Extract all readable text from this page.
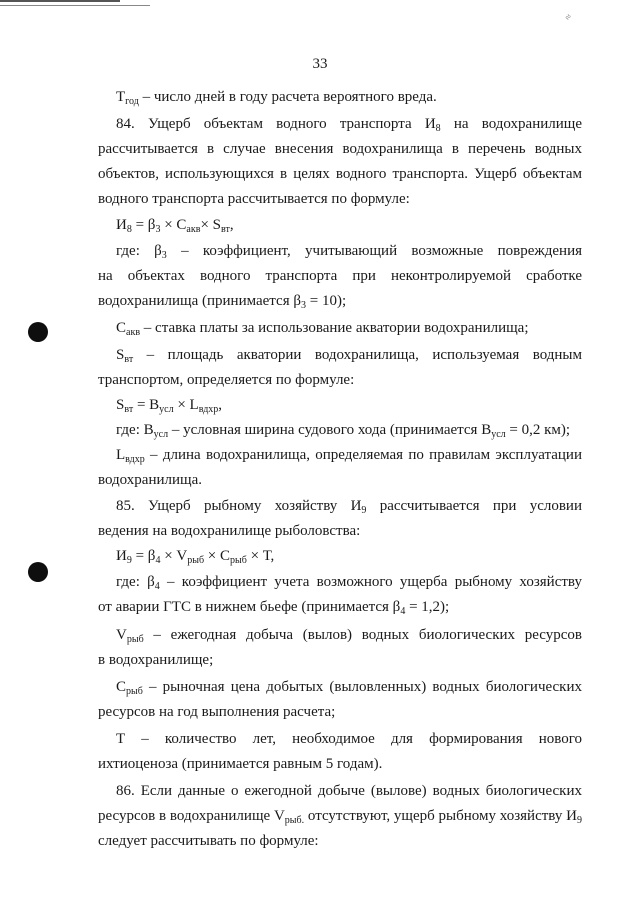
≈
33
$Т_{год}$ – число дней в году расчета вероятного вреда.
84. Ущерб объектам водного транспорта $И_8$ на водохранилище
рассчитывается в случае внесения водохранилища в перечень водных
объектов, использующихся в целях водного транспорта. Ущерб объектам
водного транспорта рассчитывается по формуле:
$И_8 = \beta_3 \times С_{акв}\times S_{вт}$,
где: $\beta_3$ – коэффициент, учитывающий возможные повреждения
на объектах водного транспорта при неконтролируемой сработке
водохранилища (принимается $\beta_3 = 10$);
$С_{акв}$ – ставка платы за использование акватории водохранилища;
$S_{вт}$ – площадь акватории водохранилища, используемая водным
транспортом, определяется по формуле:
$S_{вт} = В_{усл} \times L_{вдхр}$,
где: $В_{усл}$ – условная ширина судового хода (принимается $В_{усл} = 0,2$ км);
$L_{вдхр}$ – длина водохранилища, определяемая по правилам эксплуатации
водохранилища.
85. Ущерб рыбному хозяйству $И_9$ рассчитывается при условии
ведения на водохранилище рыболовства:
$И_9 = \beta_4 \times V_{рыб} \times С_{рыб} \times Т$,
где: $\beta_4$ – коэффициент учета возможного ущерба рыбному хозяйству
от аварии ГТС в нижнем бьефе (принимается $\beta_4 = 1,2$);
$V_{рыб}$ – ежегодная добыча (вылов) водных биологических ресурсов
в водохранилище;
$С_{рыб}$ – рыночная цена добытых (выловленных) водных биологических
ресурсов на год выполнения расчета;
Т – количество лет, необходимое для формирования нового
ихтиоценоза (принимается равным 5 годам).
86. Если данные о ежегодной добыче (вылове) водных биологических
ресурсов в водохранилище $V_{рыб.}$ отсутствуют, ущерб рыбному хозяйству $И_9$
следует рассчитывать по формуле:
